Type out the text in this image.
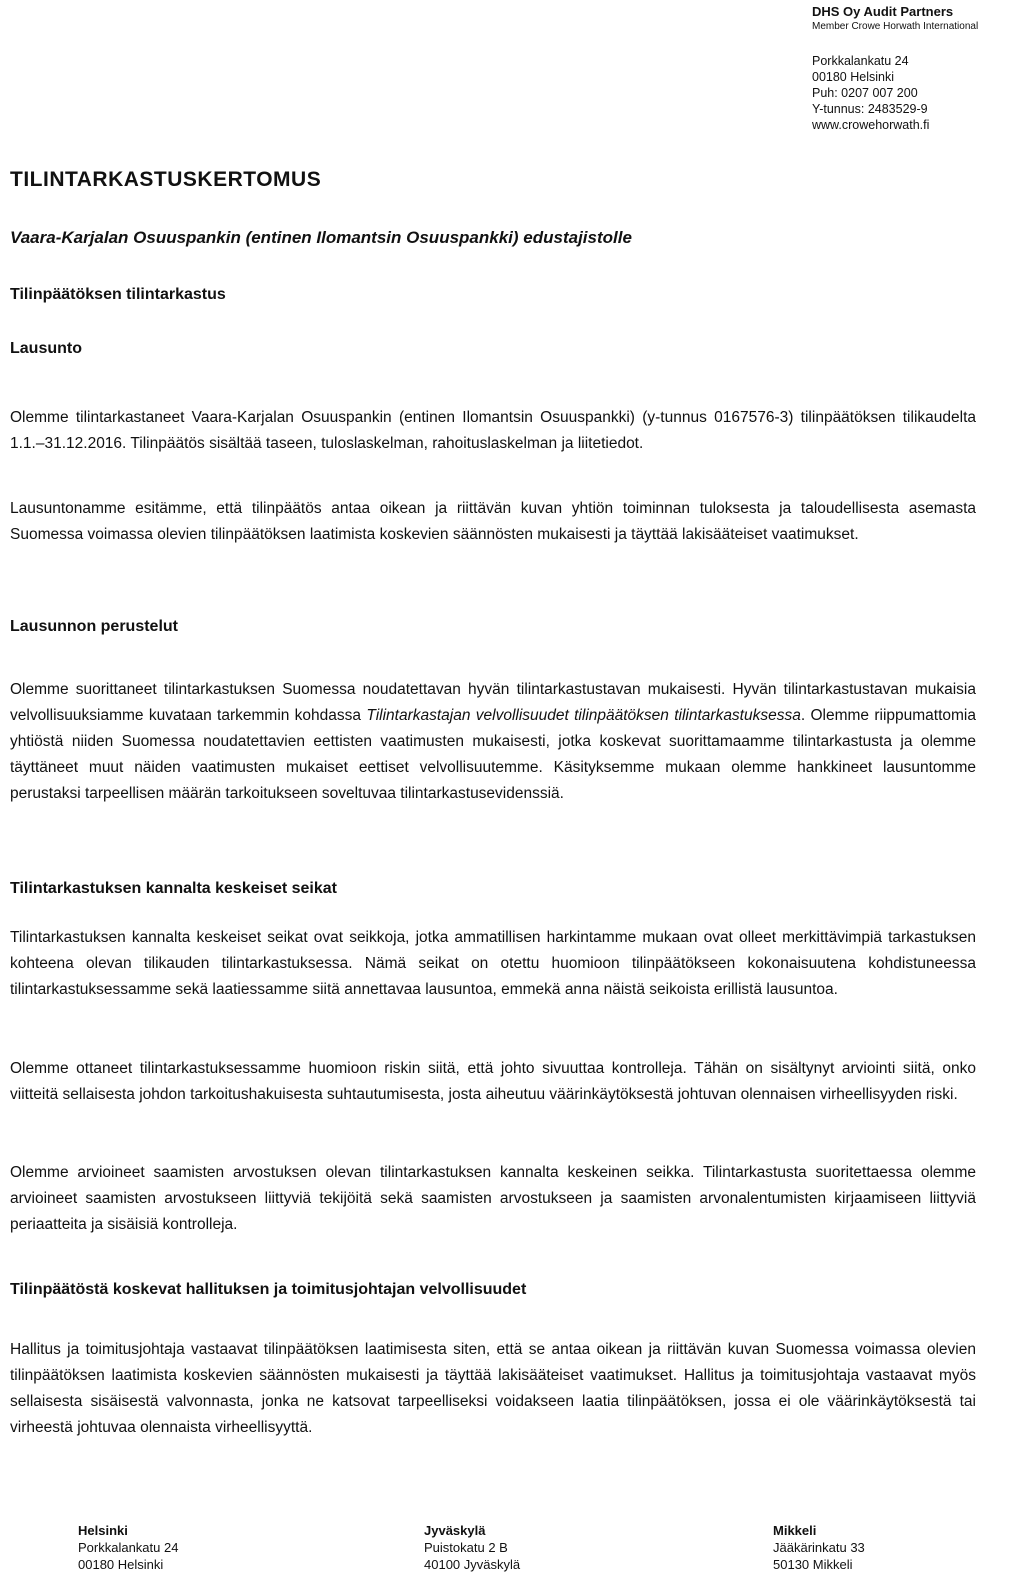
DHS Oy Audit Partners
Member Crowe Horwath International
Porkkalankatu 24
00180 Helsinki
Puh: 0207 007 200
Y-tunnus: 2483529-9
www.crowehorwath.fi
TILINTARKASTUSKERTOMUS
Vaara-Karjalan Osuuspankin (entinen Ilomantsin Osuuspankki) edustajistolle
Tilinpäätöksen tilintarkastus
Lausunto
Olemme tilintarkastaneet Vaara-Karjalan Osuuspankin (entinen Ilomantsin Osuuspankki) (y-tunnus 0167576-3) tilinpäätöksen tilikaudelta 1.1.–31.12.2016. Tilinpäätös sisältää taseen, tuloslaskelman, rahoituslaskelman ja liitetiedot.
Lausuntonamme esitämme, että tilinpäätös antaa oikean ja riittävän kuvan yhtiön toiminnan tuloksesta ja taloudellisesta asemasta Suomessa voimassa olevien tilinpäätöksen laatimista koskevien säännösten mukaisesti ja täyttää lakisääteiset vaatimukset.
Lausunnon perustelut
Olemme suorittaneet tilintarkastuksen Suomessa noudatettavan hyvän tilintarkastustavan mukaisesti. Hyvän tilintarkastustavan mukaisia velvollisuuksiamme kuvataan tarkemmin kohdassa Tilintarkastajan velvollisuudet tilinpäätöksen tilintarkastuksessa. Olemme riippumattomia yhtiöstä niiden Suomessa noudatettavien eettisten vaatimusten mukaisesti, jotka koskevat suorittamaamme tilintarkastusta ja olemme täyttäneet muut näiden vaatimusten mukaiset eettiset velvollisuutemme. Käsityksemme mukaan olemme hankkineet lausuntomme perustaksi tarpeellisen määrän tarkoitukseen soveltuvaa tilintarkastusevidenssiä.
Tilintarkastuksen kannalta keskeiset seikat
Tilintarkastuksen kannalta keskeiset seikat ovat seikkoja, jotka ammatillisen harkintamme mukaan ovat olleet merkittävimpiä tarkastuksen kohteena olevan tilikauden tilintarkastuksessa. Nämä seikat on otettu huomioon tilinpäätökseen kokonaisuutena kohdistuneessa tilintarkastuksessamme sekä laatiessamme siitä annettavaa lausuntoa, emmekä anna näistä seikoista erillistä lausuntoa.
Olemme ottaneet tilintarkastuksessamme huomioon riskin siitä, että johto sivuuttaa kontrolleja. Tähän on sisältynyt arviointi siitä, onko viitteitä sellaisesta johdon tarkoitushakuisesta suhtautumisesta, josta aiheutuu väärinkäytöksestä johtuvan olennaisen virheellisyyden riski.
Olemme arvioineet saamisten arvostuksen olevan tilintarkastuksen kannalta keskeinen seikka. Tilintarkastusta suoritettaessa olemme arvioineet saamisten arvostukseen liittyviä tekijöitä sekä saamisten arvostukseen ja saamisten arvonalentumisten kirjaamiseen liittyviä periaatteita ja sisäisiä kontrolleja.
Tilinpäätöstä koskevat hallituksen ja toimitusjohtajan velvollisuudet
Hallitus ja toimitusjohtaja vastaavat tilinpäätöksen laatimisesta siten, että se antaa oikean ja riittävän kuvan Suomessa voimassa olevien tilinpäätöksen laatimista koskevien säännösten mukaisesti ja täyttää lakisääteiset vaatimukset. Hallitus ja toimitusjohtaja vastaavat myös sellaisesta sisäisestä valvonnasta, jonka ne katsovat tarpeelliseksi voidakseen laatia tilinpäätöksen, jossa ei ole väärinkäytöksestä tai virheestä johtuvaa olennaista virheellisyyttä.
Helsinki
Porkkalankatu 24
00180 Helsinki
Jyväskylä
Puistokatu 2 B
40100 Jyväskylä
Mikkeli
Jääkärinkatu 33
50130 Mikkeli
